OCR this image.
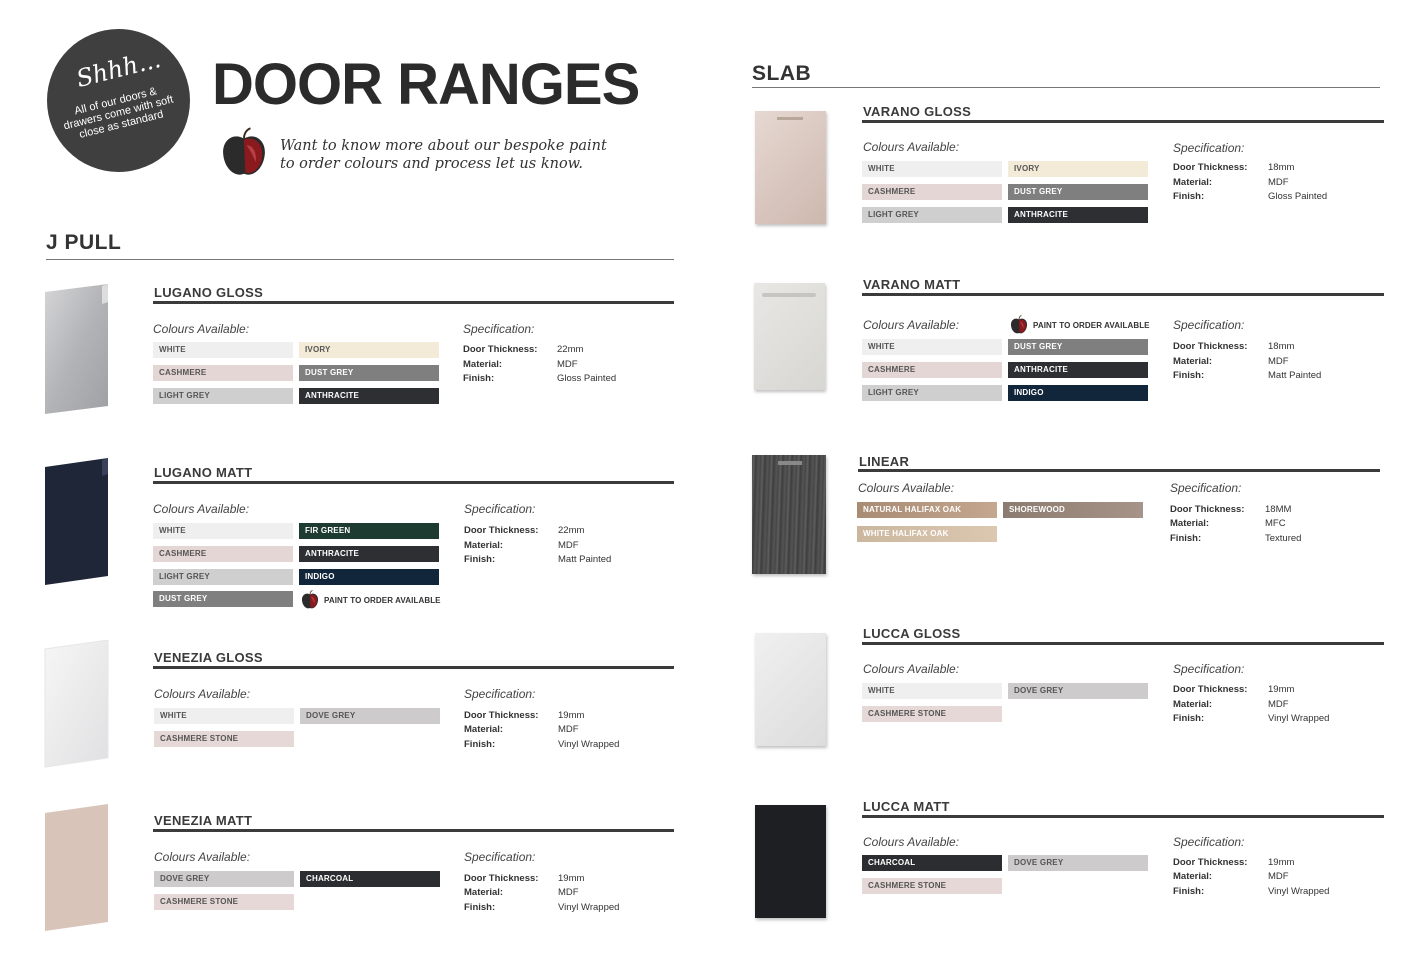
Shhh...
All of our doors & drawers come with soft close as standard
DOOR RANGES
Want to know more about our bespoke paint
to order colours and process let us know.
J PULL
SLAB
LUGANO GLOSS
Colours Available:
WHITE	IVORY
CASHMERE	DUST GREY
LIGHT GREY	ANTHRACITE
Specification:
Door Thickness: 22mm
Material:	MDF
Finish:	Gloss Painted
LUGANO MATT
Colours Available:
WHITE	FIR GREEN
CASHMERE	ANTHRACITE
LIGHT GREY	INDIGO
DUST GREY	PAINT TO ORDER AVAILABLE
Specification:
Door Thickness: 22mm
Material:	MDF
Finish:	Matt Painted
VENEZIA GLOSS
Colours Available:
WHITE	DOVE GREY
CASHMERE STONE
Specification:
Door Thickness: 19mm
Material:	MDF
Finish:	Vinyl Wrapped
VENEZIA MATT
Colours Available:
DOVE GREY	CHARCOAL
CASHMERE STONE
Specification:
Door Thickness: 19mm
Material:	MDF
Finish:	Vinyl Wrapped
VARANO GLOSS
Colours Available:
WHITE	IVORY
CASHMERE	DUST GREY
LIGHT GREY	ANTHRACITE
Specification:
Door Thickness: 18mm
Material:	MDF
Finish:	Gloss Painted
VARANO MATT
Colours Available:	PAINT TO ORDER AVAILABLE
WHITE	DUST GREY
CASHMERE	ANTHRACITE
LIGHT GREY	INDIGO
Specification:
Door Thickness: 18mm
Material:	MDF
Finish:	Matt Painted
LINEAR
Colours Available:
NATURAL HALIFAX OAK	SHOREWOOD
WHITE HALIFAX OAK
Specification:
Door Thickness: 18MM
Material:	MFC
Finish:	Textured
LUCCA GLOSS
Colours Available:
WHITE	DOVE GREY
CASHMERE STONE
Specification:
Door Thickness: 19mm
Material:	MDF
Finish:	Vinyl Wrapped
LUCCA MATT
Colours Available:
CHARCOAL	DOVE GREY
CASHMERE STONE
Specification:
Door Thickness: 19mm
Material:	MDF
Finish:	Vinyl Wrapped
